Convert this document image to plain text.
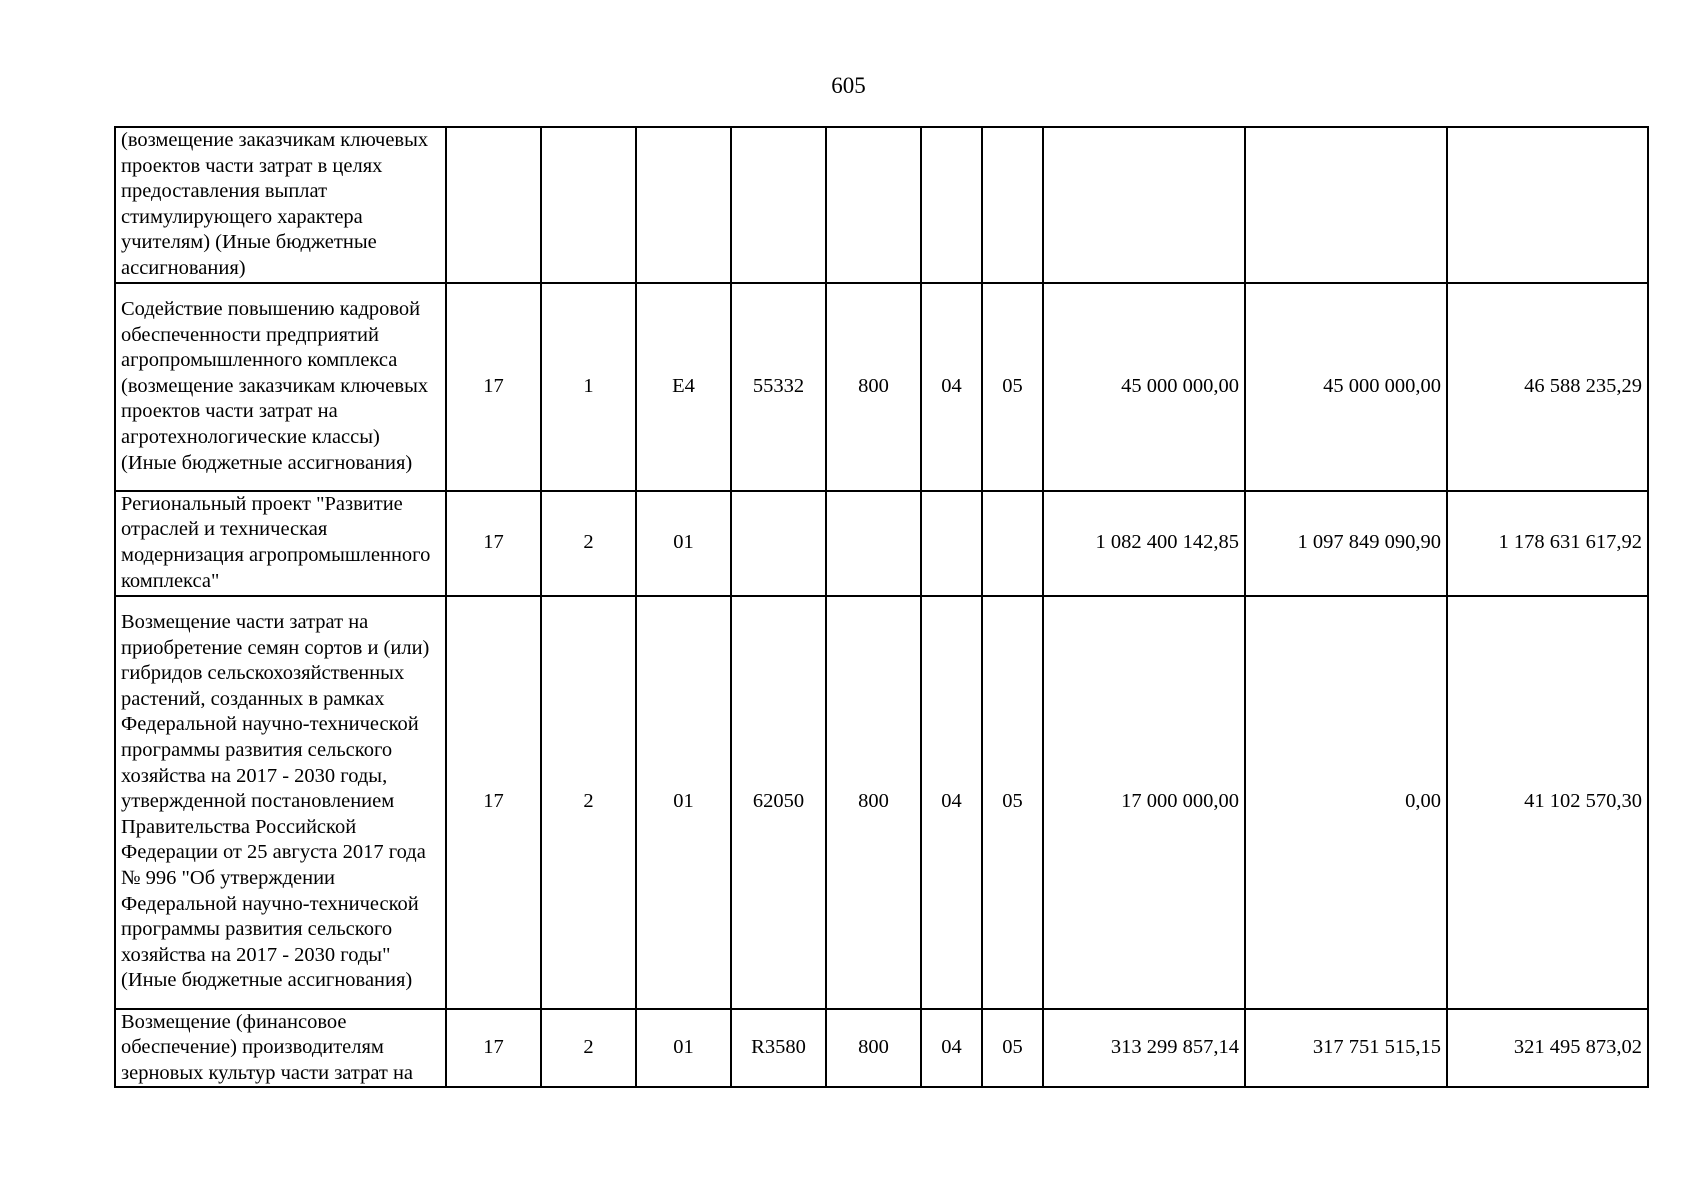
605
(возмещение заказчикам ключевых проектов части затрат в целях предоставления выплат стимулирующего характера учителям) (Иные бюджетные ассигнования)										
Содействие повышению кадровой обеспеченности предприятий агропромышленного комплекса (возмещение заказчикам ключевых проектов части затрат на агротехнологические классы) (Иные бюджетные ассигнования)	17	1	Е4	55332	800	04	05	45 000 000,00	45 000 000,00	46 588 235,29
Региональный проект "Развитие отраслей и техническая модернизация агропромышленного комплекса"	17	2	01					1 082 400 142,85	1 097 849 090,90	1 178 631 617,92
Возмещение части затрат на приобретение семян сортов и (или) гибридов сельскохозяйственных растений, созданных в рамках Федеральной научно-технической программы развития сельского хозяйства на 2017 - 2030 годы, утвержденной постановлением Правительства Российской Федерации от 25 августа 2017 года № 996 "Об утверждении Федеральной научно-технической программы развития сельского хозяйства на 2017 - 2030 годы" (Иные бюджетные ассигнования)	17	2	01	62050	800	04	05	17 000 000,00	0,00	41 102 570,30
Возмещение (финансовое обеспечение) производителям зерновых культур части затрат на	17	2	01	R3580	800	04	05	313 299 857,14	317 751 515,15	321 495 873,02
